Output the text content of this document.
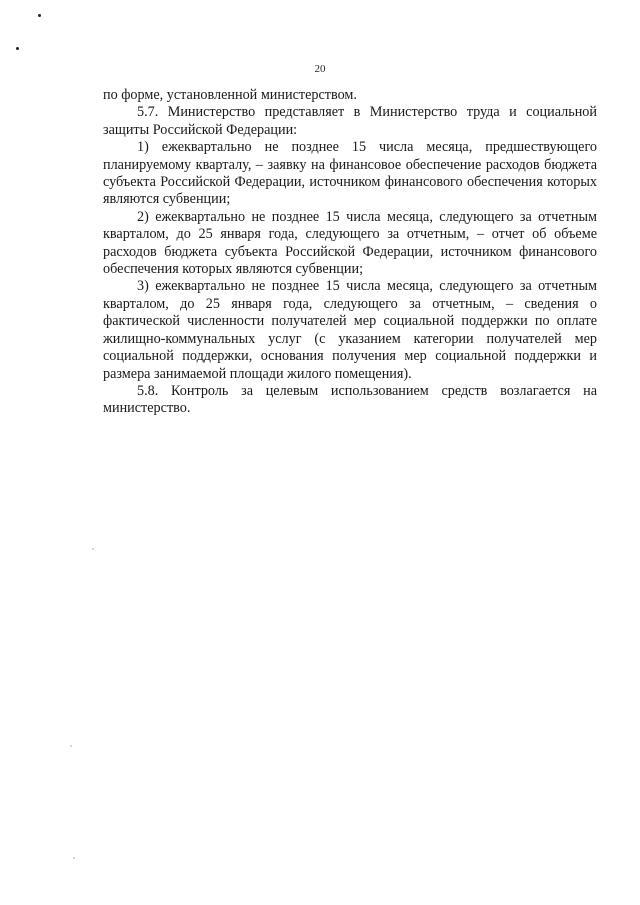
20

по форме, установленной министерством.

5.7. Министерство представляет в Министерство труда и социальной защиты Российской Федерации:

1) ежеквартально не позднее 15 числа месяца, предшествующего планируемому кварталу, – заявку на финансовое обеспечение расходов бюджета субъекта Российской Федерации, источником финансового обеспечения которых являются субвенции;

2) ежеквартально не позднее 15 числа месяца, следующего за отчетным кварталом, до 25 января года, следующего за отчетным, – отчет об объеме расходов бюджета субъекта Российской Федерации, источником финансового обеспечения которых являются субвенции;

3) ежеквартально не позднее 15 числа месяца, следующего за отчетным кварталом, до 25 января года, следующего за отчетным, – сведения о фактической численности получателей мер социальной поддержки по оплате жилищно-коммунальных услуг (с указанием категории получателей мер социальной поддержки, основания получения мер социальной поддержки и размера занимаемой площади жилого помещения).

5.8. Контроль за целевым использованием средств возлагается на министерство.
